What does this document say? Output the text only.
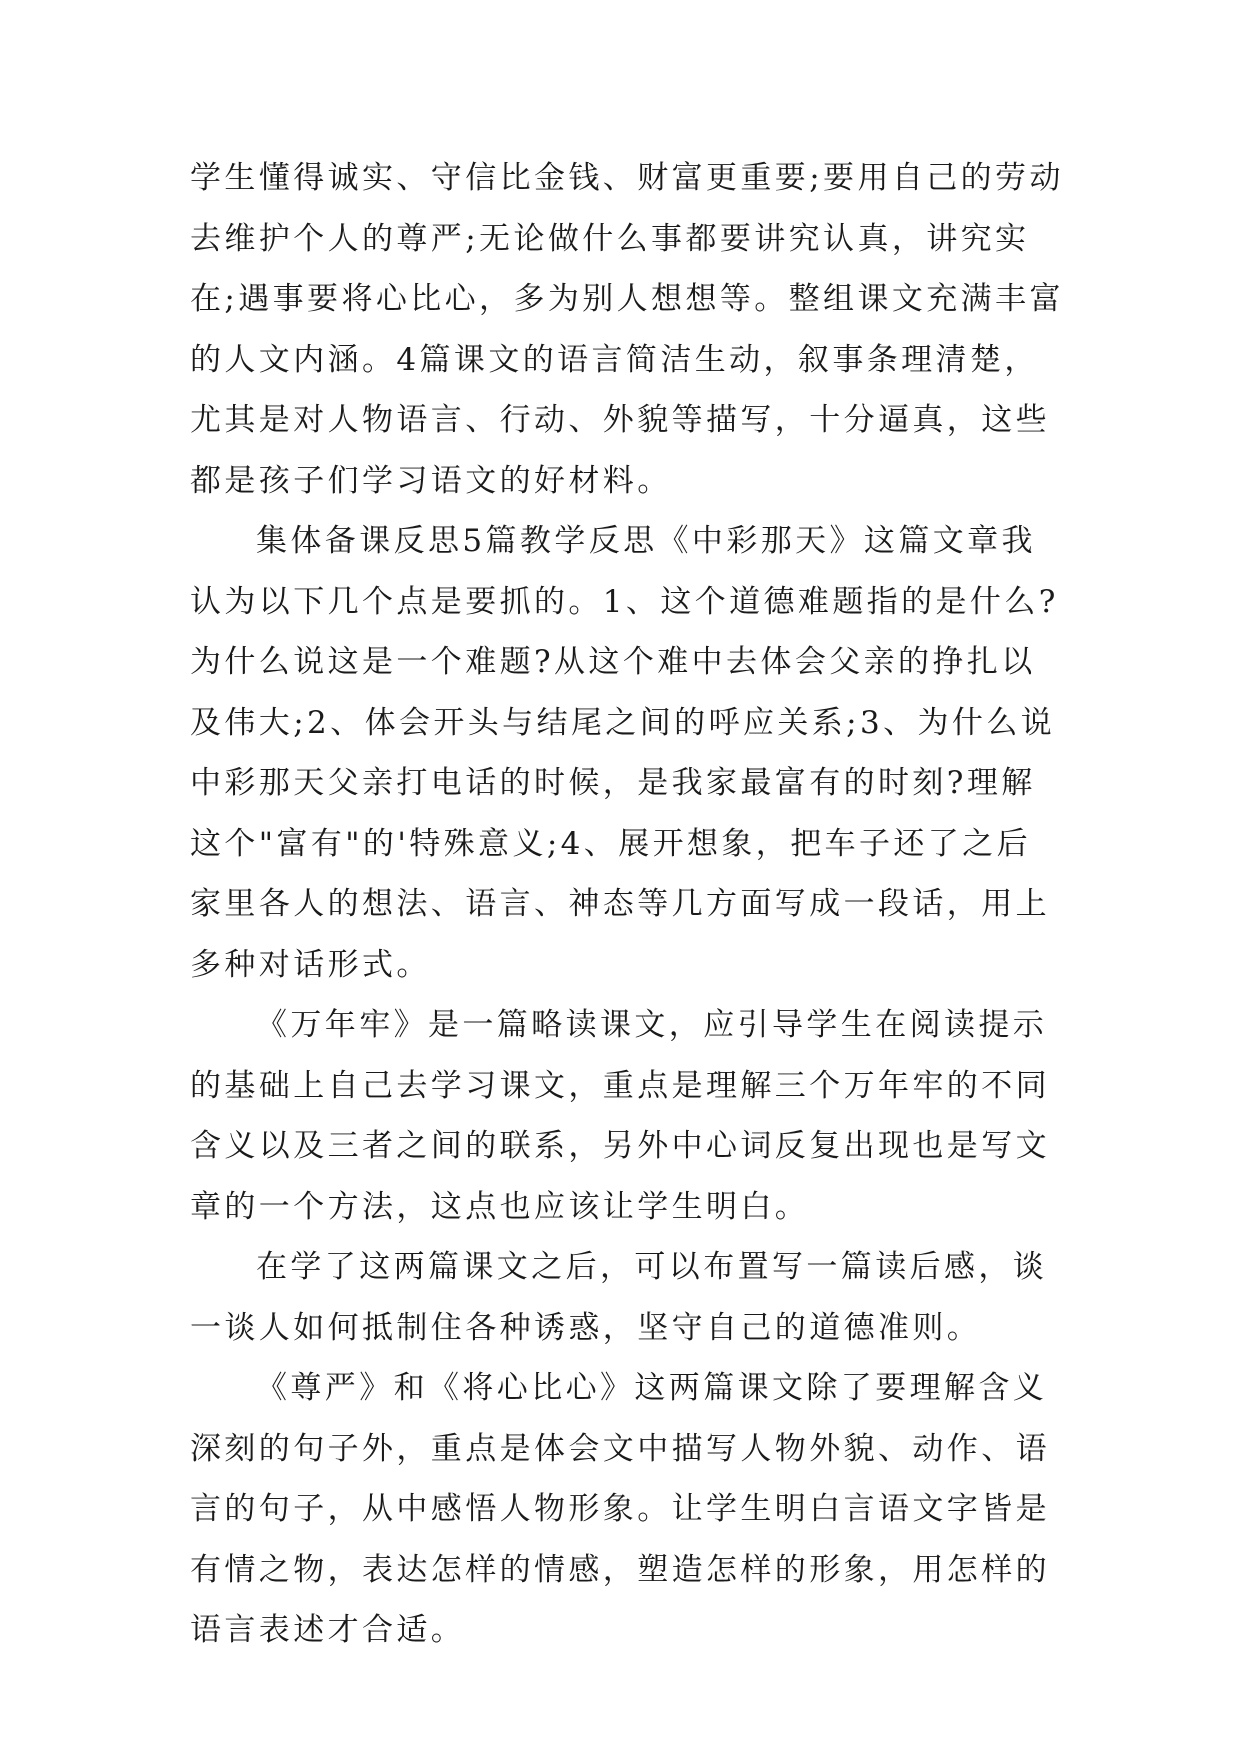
学生懂得诚实、守信比金钱、财富更重要;要用自己的劳动去维护个人的尊严;无论做什么事都要讲究认真，讲究实在;遇事要将心比心，多为别人想想等。整组课文充满丰富的人文内涵。4篇课文的语言简洁生动，叙事条理清楚，尤其是对人物语言、行动、外貌等描写，十分逼真，这些都是孩子们学习语文的好材料。

集体备课反思5篇教学反思《中彩那天》这篇文章我认为以下几个点是要抓的。1、这个道德难题指的是什么?为什么说这是一个难题?从这个难中去体会父亲的挣扎以及伟大;2、体会开头与结尾之间的呼应关系;3、为什么说中彩那天父亲打电话的时候，是我家最富有的时刻?理解这个"富有"的'特殊意义;4、展开想象，把车子还了之后家里各人的想法、语言、神态等几方面写成一段话，用上多种对话形式。

《万年牢》是一篇略读课文，应引导学生在阅读提示的基础上自己去学习课文，重点是理解三个万年牢的不同含义以及三者之间的联系，另外中心词反复出现也是写文章的一个方法，这点也应该让学生明白。

在学了这两篇课文之后，可以布置写一篇读后感，谈一谈人如何抵制住各种诱惑，坚守自己的道德准则。

《尊严》和《将心比心》这两篇课文除了要理解含义深刻的句子外，重点是体会文中描写人物外貌、动作、语言的句子，从中感悟人物形象。让学生明白言语文字皆是有情之物，表达怎样的情感，塑造怎样的形象，用怎样的语言表述才合适。
